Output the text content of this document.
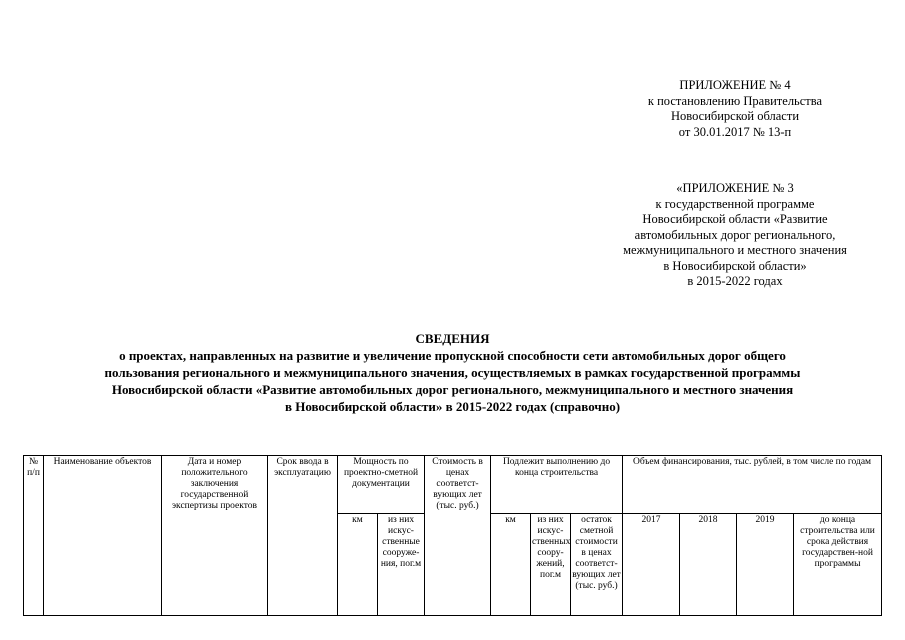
ПРИЛОЖЕНИЕ № 4
к постановлению Правительства
Новосибирской области
от 30.01.2017 № 13-п
«ПРИЛОЖЕНИЕ № 3
к государственной программе
Новосибирской области «Развитие
автомобильных дорог регионального,
межмуниципального и местного значения
в Новосибирской области»
в 2015-2022 годах
СВЕДЕНИЯ
о проектах, направленных на развитие и увеличение пропускной способности сети автомобильных дорог общего
пользования регионального и межмуниципального значения, осуществляемых в рамках государственной программы
Новосибирской области «Развитие автомобильных дорог регионального, межмуниципального и местного значения
в Новосибирской области» в 2015-2022 годах (справочно)
№ п/п	Наименование объектов	Дата и номер положительного заключения государственной экспертизы проектов	Срок ввода в эксплуатацию	Мощность по проектно-сметной документации		Стоимость в ценах соответст-вующих лет (тыс. руб.)	Подлежит выполнению до конца строительства			Объем финансирования, тыс. рублей, в том числе по годам			
				км	из них искус-ственные сооруже-ния, пог.м		км	из них искус-ственных соору-жений, пог.м	остаток сметной стоимости в ценах соответст-вующих лет (тыс. руб.)	2017	2018	2019	до конца строительства или срока действия государствен-ной программы
